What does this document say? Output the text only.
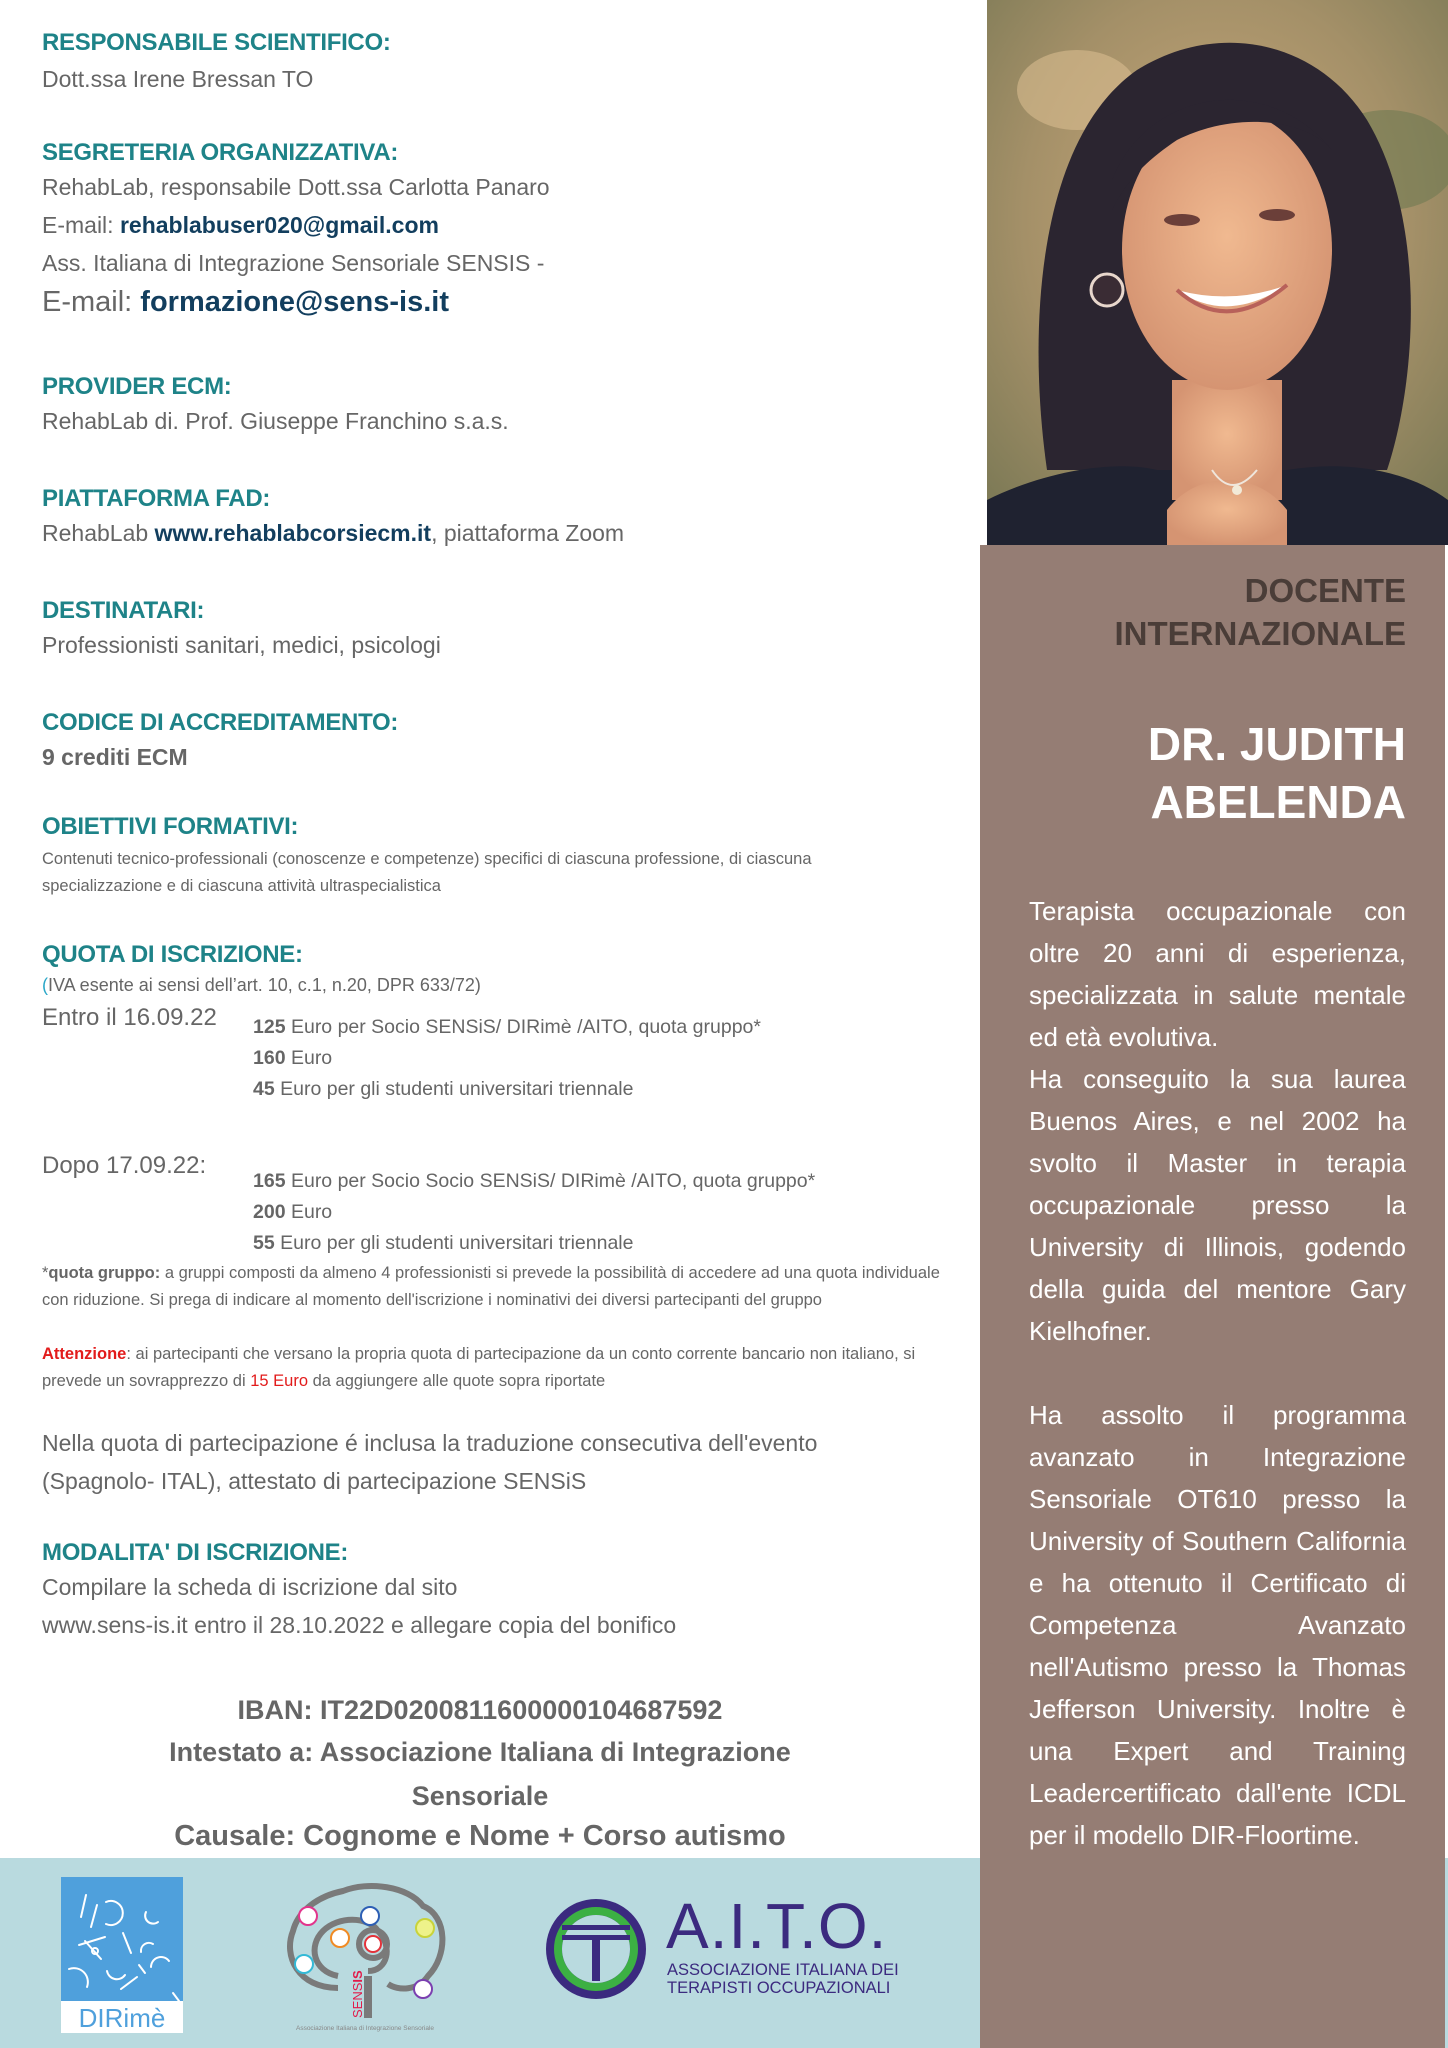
RESPONSABILE SCIENTIFICO:
Dott.ssa Irene Bressan TO
SEGRETERIA ORGANIZZATIVA:
RehabLab, responsabile Dott.ssa Carlotta Panaro
E-mail: rehablabuser020@gmail.com
Ass. Italiana di Integrazione Sensoriale SENSIS -
E-mail: formazione@sens-is.it
PROVIDER ECM:
RehabLab di. Prof. Giuseppe Franchino s.a.s.
PIATTAFORMA FAD:
RehabLab www.rehablabcorsiecm.it, piattaforma Zoom
DESTINATARI:
Professionisti sanitari, medici, psicologi
CODICE DI ACCREDITAMENTO:
9 crediti ECM
OBIETTIVI FORMATIVI:
Contenuti tecnico-professionali (conoscenze e competenze) specifici di ciascuna professione, di ciascuna specializzazione e di ciascuna attività ultraspecialistica
QUOTA DI ISCRIZIONE:
(IVA esente ai sensi dell’art. 10, c.1, n.20, DPR 633/72)
Entro il 16.09.22 125 Euro per Socio SENSiS/ DIRimè /AITO, quota gruppo*
160 Euro
45 Euro per gli studenti universitari triennale
Dopo 17.09.22:
165 Euro per Socio Socio SENSiS/ DIRimè /AITO, quota gruppo*
200 Euro
55 Euro per gli studenti universitari triennale
*quota gruppo: a gruppi composti da almeno 4 professionisti si prevede la possibilità di accedere ad una quota individuale con riduzione. Si prega di indicare al momento dell'iscrizione i nominativi dei diversi partecipanti del gruppo
Attenzione: ai partecipanti che versano la propria quota di partecipazione da un conto corrente bancario non italiano, si prevede un sovrapprezzo di 15 Euro da aggiungere alle quote sopra riportate
Nella quota di partecipazione é inclusa la traduzione consecutiva dell'evento (Spagnolo- ITAL), attestato di partecipazione SENSiS
MODALITA' DI ISCRIZIONE:
Compilare la scheda di iscrizione dal sito
www.sens-is.it entro il 28.10.2022 e allegare copia del bonifico
IBAN: IT22D0200811600000104687592
Intestato a: Associazione Italiana di Integrazione Sensoriale
Causale: Cognome e Nome + Corso autismo
DIRimè	SENSIS
Associazione Italiana di Integrazione Sensoriale
A.I.T.O.
ASSOCIAZIONE ITALIANA DEI
TERAPISTI OCCUPAZIONALI
DOCENTE
INTERNAZIONALE
DR. JUDITH
ABELENDA
Terapista occupazionale con oltre 20 anni di esperienza, specializzata in salute mentale ed età evolutiva.
Ha conseguito la sua laurea Buenos Aires, e nel 2002 ha svolto il Master in terapia occupazionale presso la University di Illinois, godendo della guida del mentore Gary Kielhofner.
Ha assolto il programma avanzato in Integrazione Sensoriale OT610 presso la University of Southern California e ha ottenuto il Certificato di Competenza Avanzato nell'Autismo presso la Thomas Jefferson University. Inoltre è una Expert and Training Leadercertificato dall'ente ICDL per il modello DIR-Floortime.
